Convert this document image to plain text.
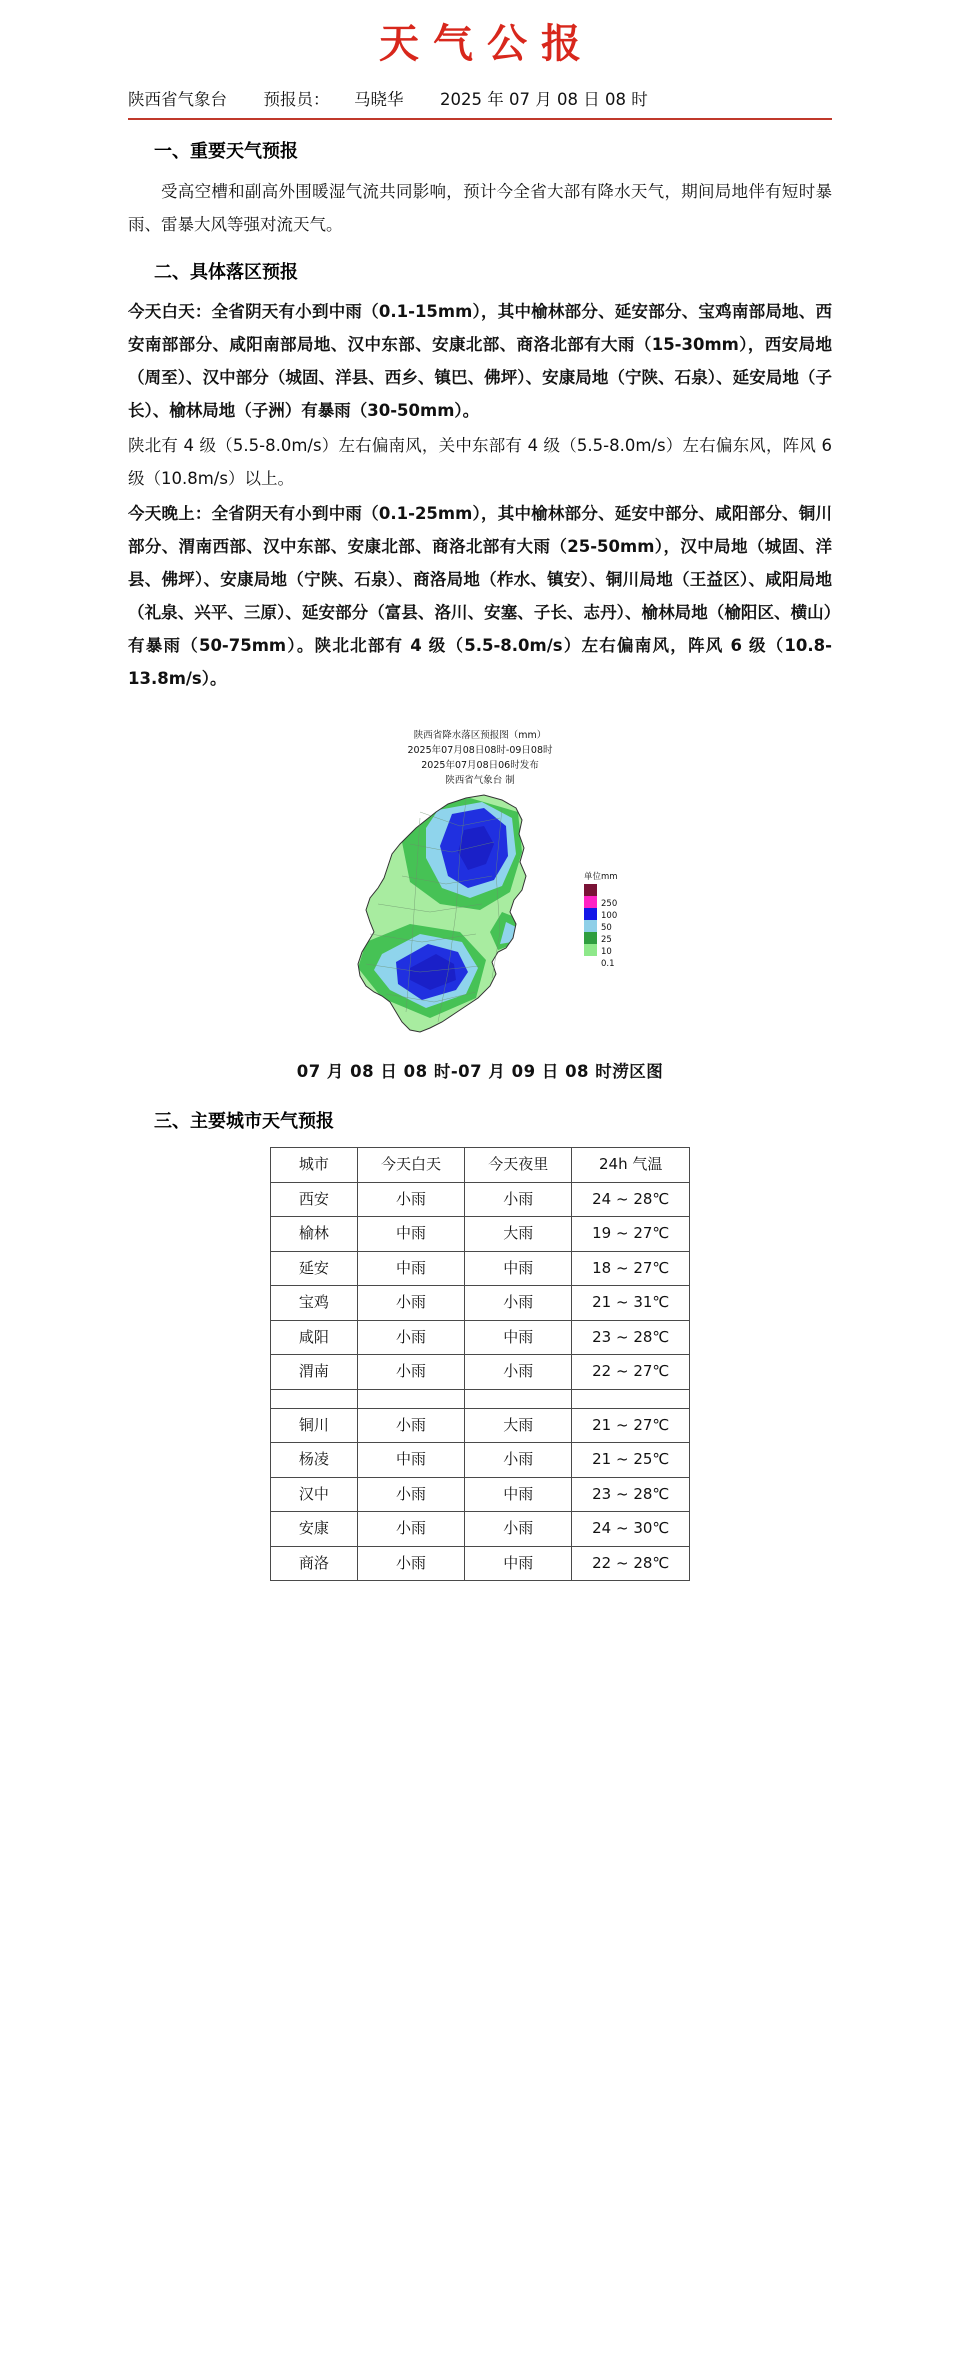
天气公报
陕西省气象台 预报员： 马晓华 2025 年 07 月 08 日 08 时
一、重要天气预报

受高空槽和副高外围暖湿气流共同影响，预计今全省大部有降水天气，期间局地伴有短时暴雨、雷暴大风等强对流天气。

二、具体落区预报

今天白天：全省阴天有小到中雨（0.1-15mm），其中榆林部分、延安部分、宝鸡南部局地、西安南部部分、咸阳南部局地、汉中东部、安康北部、商洛北部有大雨（15-30mm），西安局地（周至）、汉中部分（城固、洋县、西乡、镇巴、佛坪）、安康局地（宁陕、石泉）、延安局地（子长）、榆林局地（子洲）有暴雨（30-50mm）。

陕北有 4 级（5.5-8.0m/s）左右偏南风，关中东部有 4 级（5.5-8.0m/s）左右偏东风，阵风 6 级（10.8m/s）以上。

今天晚上：全省阴天有小到中雨（0.1-25mm），其中榆林部分、延安中部分、咸阳部分、铜川部分、渭南西部、汉中东部、安康北部、商洛北部有大雨（25-50mm），汉中局地（城固、洋县、佛坪）、安康局地（宁陕、石泉）、商洛局地（柞水、镇安）、铜川局地（王益区）、咸阳局地（礼泉、兴平、三原）、延安部分（富县、洛川、安塞、子长、志丹）、榆林局地（榆阳区、横山）有暴雨（50-75mm）。陕北北部有 4 级（5.5-8.0m/s）左右偏南风，阵风 6 级（10.8-13.8m/s）。

陕西省降水落区预报图（mm）
2025年07月08日08时-09日08时
2025年07月08日06时发布
陕西省气象台 制
单位mm
250
100
50
25
10
0.1
07 月 08 日 08 时-07 月 09 日 08 时涝区图
三、主要城市天气预报
城市	今天白天	今天夜里	24h 气温
西安	小雨	小雨	24 ~ 28℃
榆林	中雨	大雨	19 ~ 27℃
延安	中雨	中雨	18 ~ 27℃
宝鸡	小雨	小雨	21 ~ 31℃
咸阳	小雨	中雨	23 ~ 28℃
渭南	小雨	小雨	22 ~ 27℃

铜川	小雨	大雨	21 ~ 27℃
杨凌	中雨	小雨	21 ~ 25℃
汉中	小雨	中雨	23 ~ 28℃
安康	小雨	小雨	24 ~ 30℃
商洛	小雨	中雨	22 ~ 28℃
